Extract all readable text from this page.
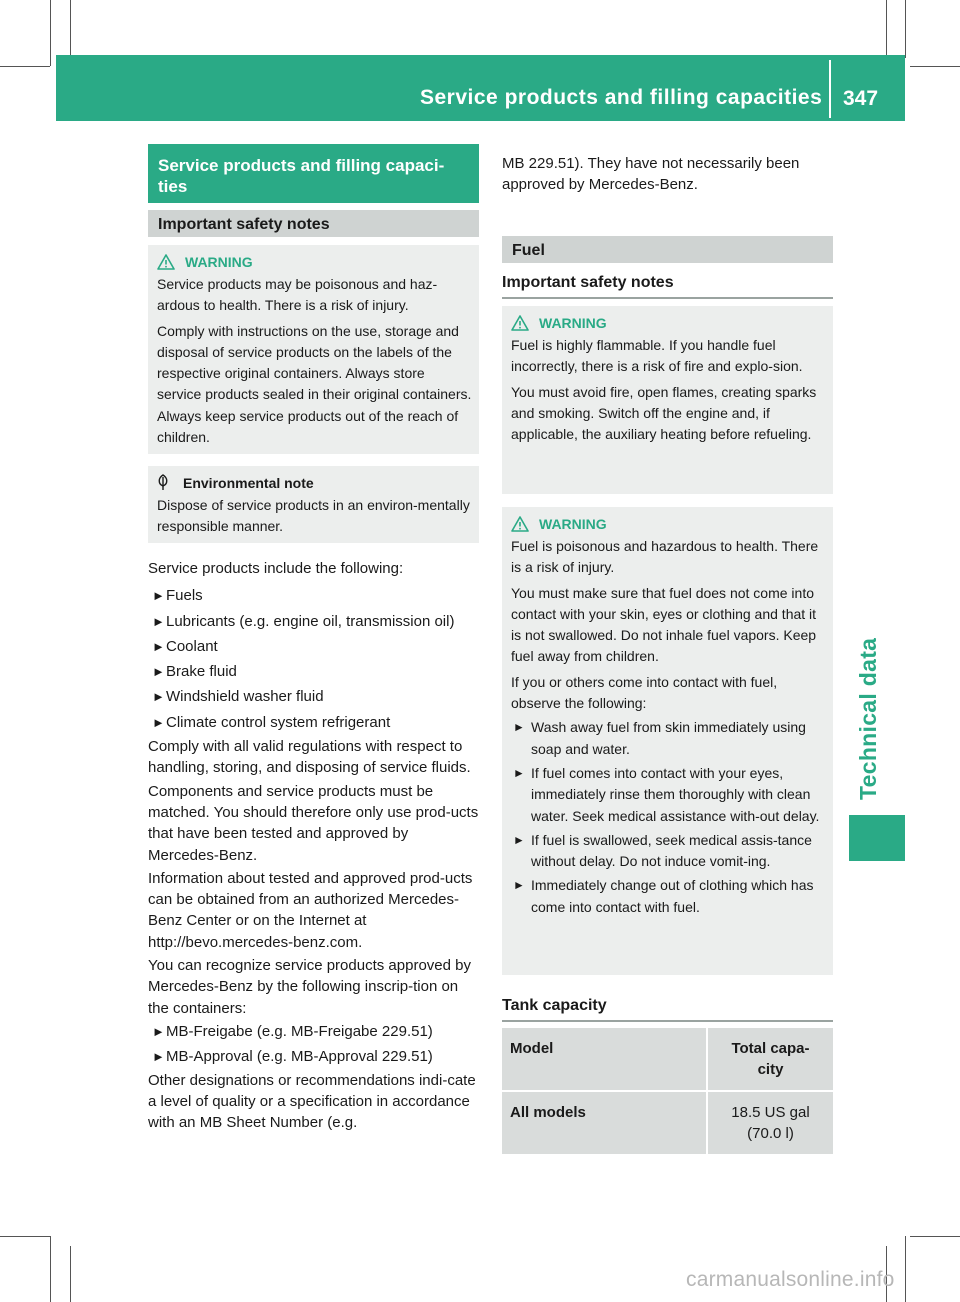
Service products and filling capacities 347
Technical data
Service products and filling capaci-
ties
Important safety notes
WARNING
Service products may be poisonous and haz-ardous to health. There is a risk of injury.
Comply with instructions on the use, storage and disposal of service products on the labels of the respective original containers. Always store service products sealed in their original containers. Always keep service products out of the reach of children.
Environmental note
Dispose of service products in an environ-mentally responsible manner.
Service products include the following:
► Fuels
► Lubricants (e.g. engine oil, transmission oil)
► Coolant
► Brake fluid
► Windshield washer fluid
► Climate control system refrigerant
Comply with all valid regulations with respect to handling, storing, and disposing of service fluids.
Components and service products must be matched. You should therefore only use prod-ucts that have been tested and approved by Mercedes-Benz.
Information about tested and approved prod-ucts can be obtained from an authorized Mercedes-Benz Center or on the Internet at http://bevo.mercedes-benz.com.
You can recognize service products approved by Mercedes-Benz by the following inscrip-tion on the containers:
► MB-Freigabe (e.g. MB-Freigabe 229.51)
► MB-Approval (e.g. MB-Approval 229.51)
Other designations or recommendations indi-cate a level of quality or a specification in accordance with an MB Sheet Number (e.g.
MB 229.51). They have not necessarily been approved by Mercedes-Benz.
Fuel
Important safety notes
WARNING
Fuel is highly flammable. If you handle fuel incorrectly, there is a risk of fire and explo-sion.
You must avoid fire, open flames, creating sparks and smoking. Switch off the engine and, if applicable, the auxiliary heating before refueling.
WARNING
Fuel is poisonous and hazardous to health. There is a risk of injury.
You must make sure that fuel does not come into contact with your skin, eyes or clothing and that it is not swallowed. Do not inhale fuel vapors. Keep fuel away from children.
If you or others come into contact with fuel, observe the following:
► Wash away fuel from skin immediately using soap and water.
► If fuel comes into contact with your eyes, immediately rinse them thoroughly with clean water. Seek medical assistance with-out delay.
► If fuel is swallowed, seek medical assis-tance without delay. Do not induce vomit-ing.
► Immediately change out of clothing which has come into contact with fuel.
Tank capacity
Model	Total capa-
city
All models	18.5 US gal
(70.0 l)
carmanualsonline.info
